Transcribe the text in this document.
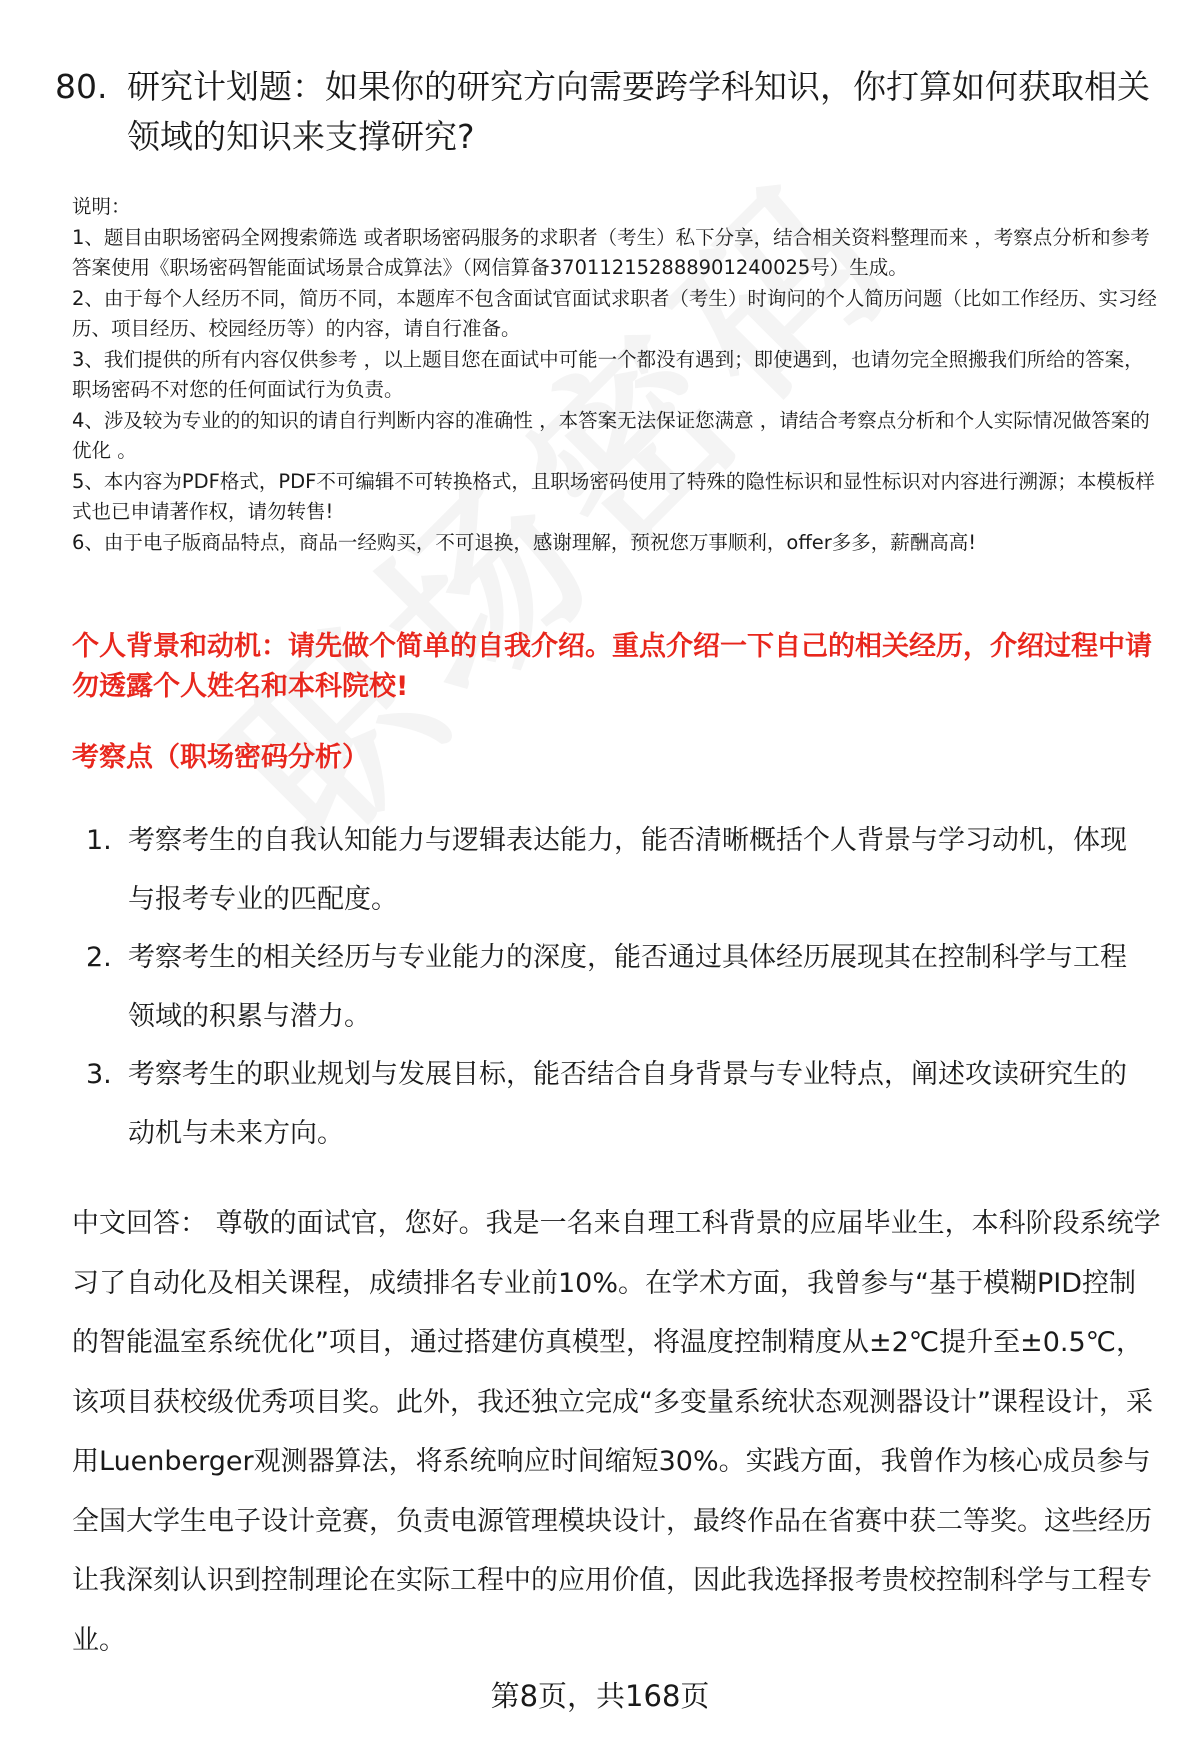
80. 研究计划题：如果你的研究方向需要跨学科知识，你打算如何获取相关领域的知识来支撑研究?
说明：
1、题目由职场密码全网搜索筛选 或者职场密码服务的求职者（考生）私下分享，结合相关资料整理而来 ，考察点分析和参考答案使用《职场密码智能面试场景合成算法》（网信算备370112152888901240025号）生成。
2、由于每个人经历不同，简历不同，本题库不包含面试官面试求职者（考生）时询问的个人简历问题（比如工作经历、实习经历、项目经历、校园经历等）的内容，请自行准备。
3、我们提供的所有内容仅供参考 ，以上题目您在面试中可能一个都没有遇到；即使遇到，也请勿完全照搬我们所给的答案，职场密码不对您的任何面试行为负责。
4、涉及较为专业的的知识的请自行判断内容的准确性 ，本答案无法保证您满意 ，请结合考察点分析和个人实际情况做答案的优化 。
5、本内容为PDF格式，PDF不可编辑不可转换格式，且职场密码使用了特殊的隐性标识和显性标识对内容进行溯源；本模板样式也已申请著作权，请勿转售!
6、由于电子版商品特点，商品一经购买，不可退换，感谢理解，预祝您万事顺利，offer多多，薪酬高高!
个人背景和动机：请先做个简单的自我介绍。重点介绍一下自己的相关经历，介绍过程中请勿透露个人姓名和本科院校!
考察点（职场密码分析）
1. 考察考生的自我认知能力与逻辑表达能力，能否清晰概括个人背景与学习动机，体现与报考专业的匹配度。
2. 考察考生的相关经历与专业能力的深度，能否通过具体经历展现其在控制科学与工程领域的积累与潜力。
3. 考察考生的职业规划与发展目标，能否结合自身背景与专业特点，阐述攻读研究生的动机与未来方向。
中文回答： 尊敬的面试官，您好。我是一名来自理工科背景的应届毕业生，本科阶段系统学习了自动化及相关课程，成绩排名专业前10%。在学术方面，我曾参与“基于模糊PID控制的智能温室系统优化”项目，通过搭建仿真模型，将温度控制精度从±2℃提升至±0.5℃，该项目获校级优秀项目奖。此外，我还独立完成“多变量系统状态观测器设计”课程设计，采用Luenberger观测器算法，将系统响应时间缩短30%。实践方面，我曾作为核心成员参与全国大学生电子设计竞赛，负责电源管理模块设计，最终作品在省赛中获二等奖。这些经历让我深刻认识到控制理论在实际工程中的应用价值，因此我选择报考贵校控制科学与工程专业。
第8页，共168页
